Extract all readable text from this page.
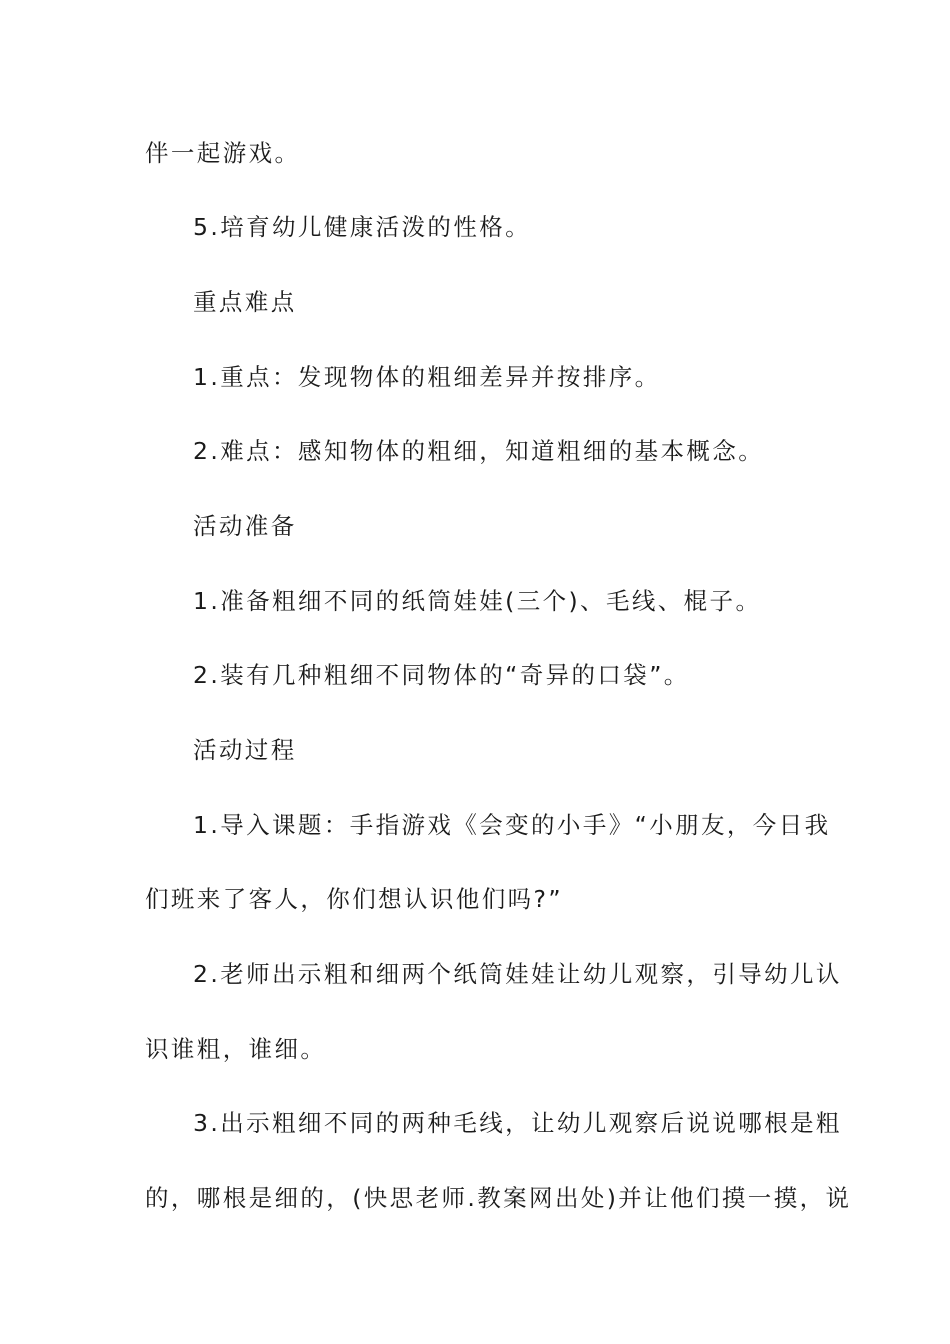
伴一起游戏。
5.培育幼儿健康活泼的性格。
重点难点
1.重点：发现物体的粗细差异并按排序。
2.难点：感知物体的粗细，知道粗细的基本概念。
活动准备
1.准备粗细不同的纸筒娃娃(三个)、毛线、棍子。
2.装有几种粗细不同物体的“奇异的口袋”。
活动过程
1.导入课题：手指游戏《会变的小手》“小朋友，今日我
们班来了客人，你们想认识他们吗?”
2.老师出示粗和细两个纸筒娃娃让幼儿观察，引导幼儿认
识谁粗，谁细。
3.出示粗细不同的两种毛线，让幼儿观察后说说哪根是粗
的，哪根是细的，(快思老师.教案网出处)并让他们摸一摸，说
